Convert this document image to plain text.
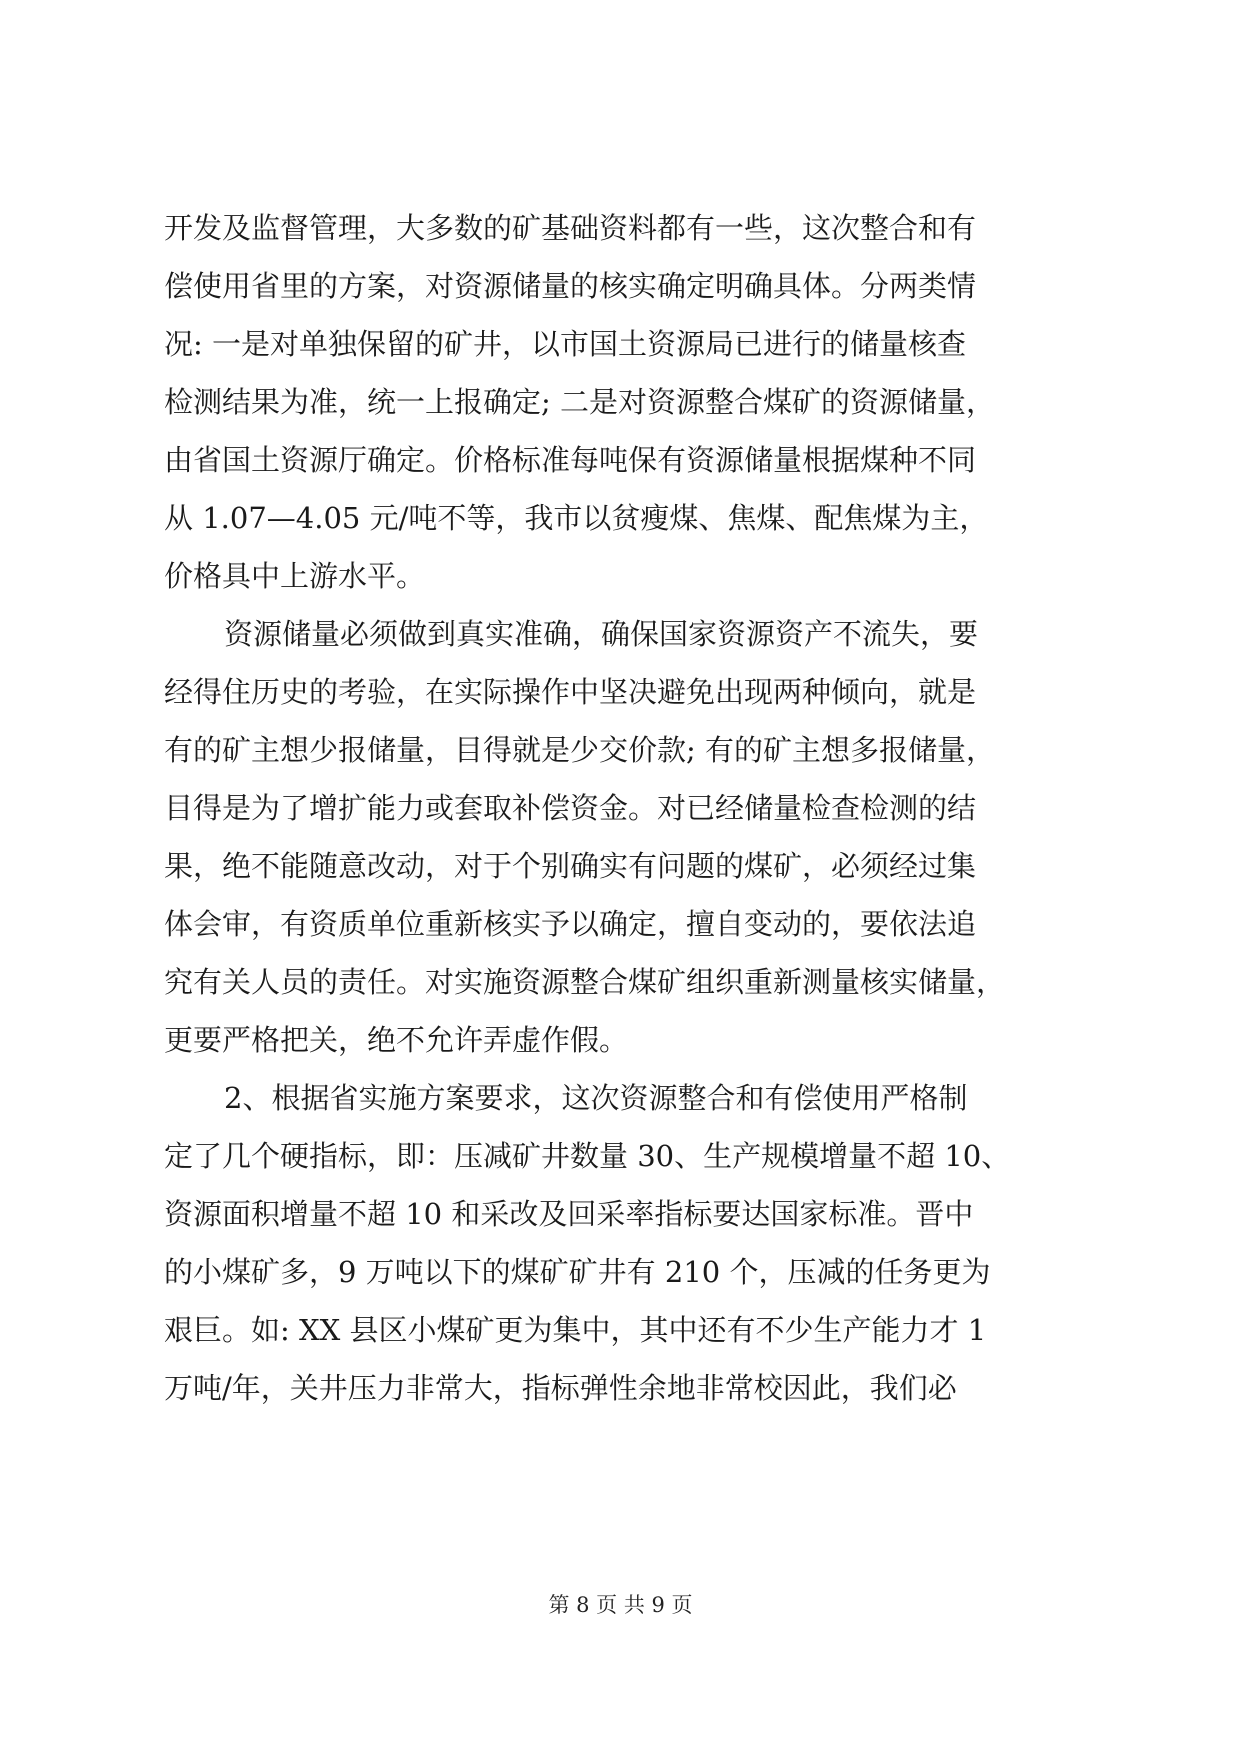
开发及监督管理，大多数的矿基础资料都有一些，这次整合和有
偿使用省里的方案，对资源储量的核实确定明确具体。分两类情
况: 一是对单独保留的矿井，以市国土资源局已进行的储量核查
检测结果为准，统一上报确定; 二是对资源整合煤矿的资源储量，
由省国土资源厅确定。价格标准每吨保有资源储量根据煤种不同
从 1.07—4.05 元/吨不等，我市以贫瘦煤、焦煤、配焦煤为主，
价格具中上游水平。
资源储量必须做到真实准确，确保国家资源资产不流失，要
经得住历史的考验，在实际操作中坚决避免出现两种倾向，就是
有的矿主想少报储量，目得就是少交价款; 有的矿主想多报储量，
目得是为了增扩能力或套取补偿资金。对已经储量检查检测的结
果，绝不能随意改动，对于个别确实有问题的煤矿，必须经过集
体会审，有资质单位重新核实予以确定，擅自变动的，要依法追
究有关人员的责任。对实施资源整合煤矿组织重新测量核实储量，
更要严格把关，绝不允许弄虚作假。
2、根据省实施方案要求，这次资源整合和有偿使用严格制
定了几个硬指标，即：压减矿井数量 30、生产规模增量不超 10、
资源面积增量不超 10 和采改及回采率指标要达国家标准。晋中
的小煤矿多，9 万吨以下的煤矿矿井有 210 个，压减的任务更为
艰巨。如: XX 县区小煤矿更为集中，其中还有不少生产能力才 1
万吨/年，关井压力非常大，指标弹性余地非常校因此，我们必
第 8 页 共 9 页
